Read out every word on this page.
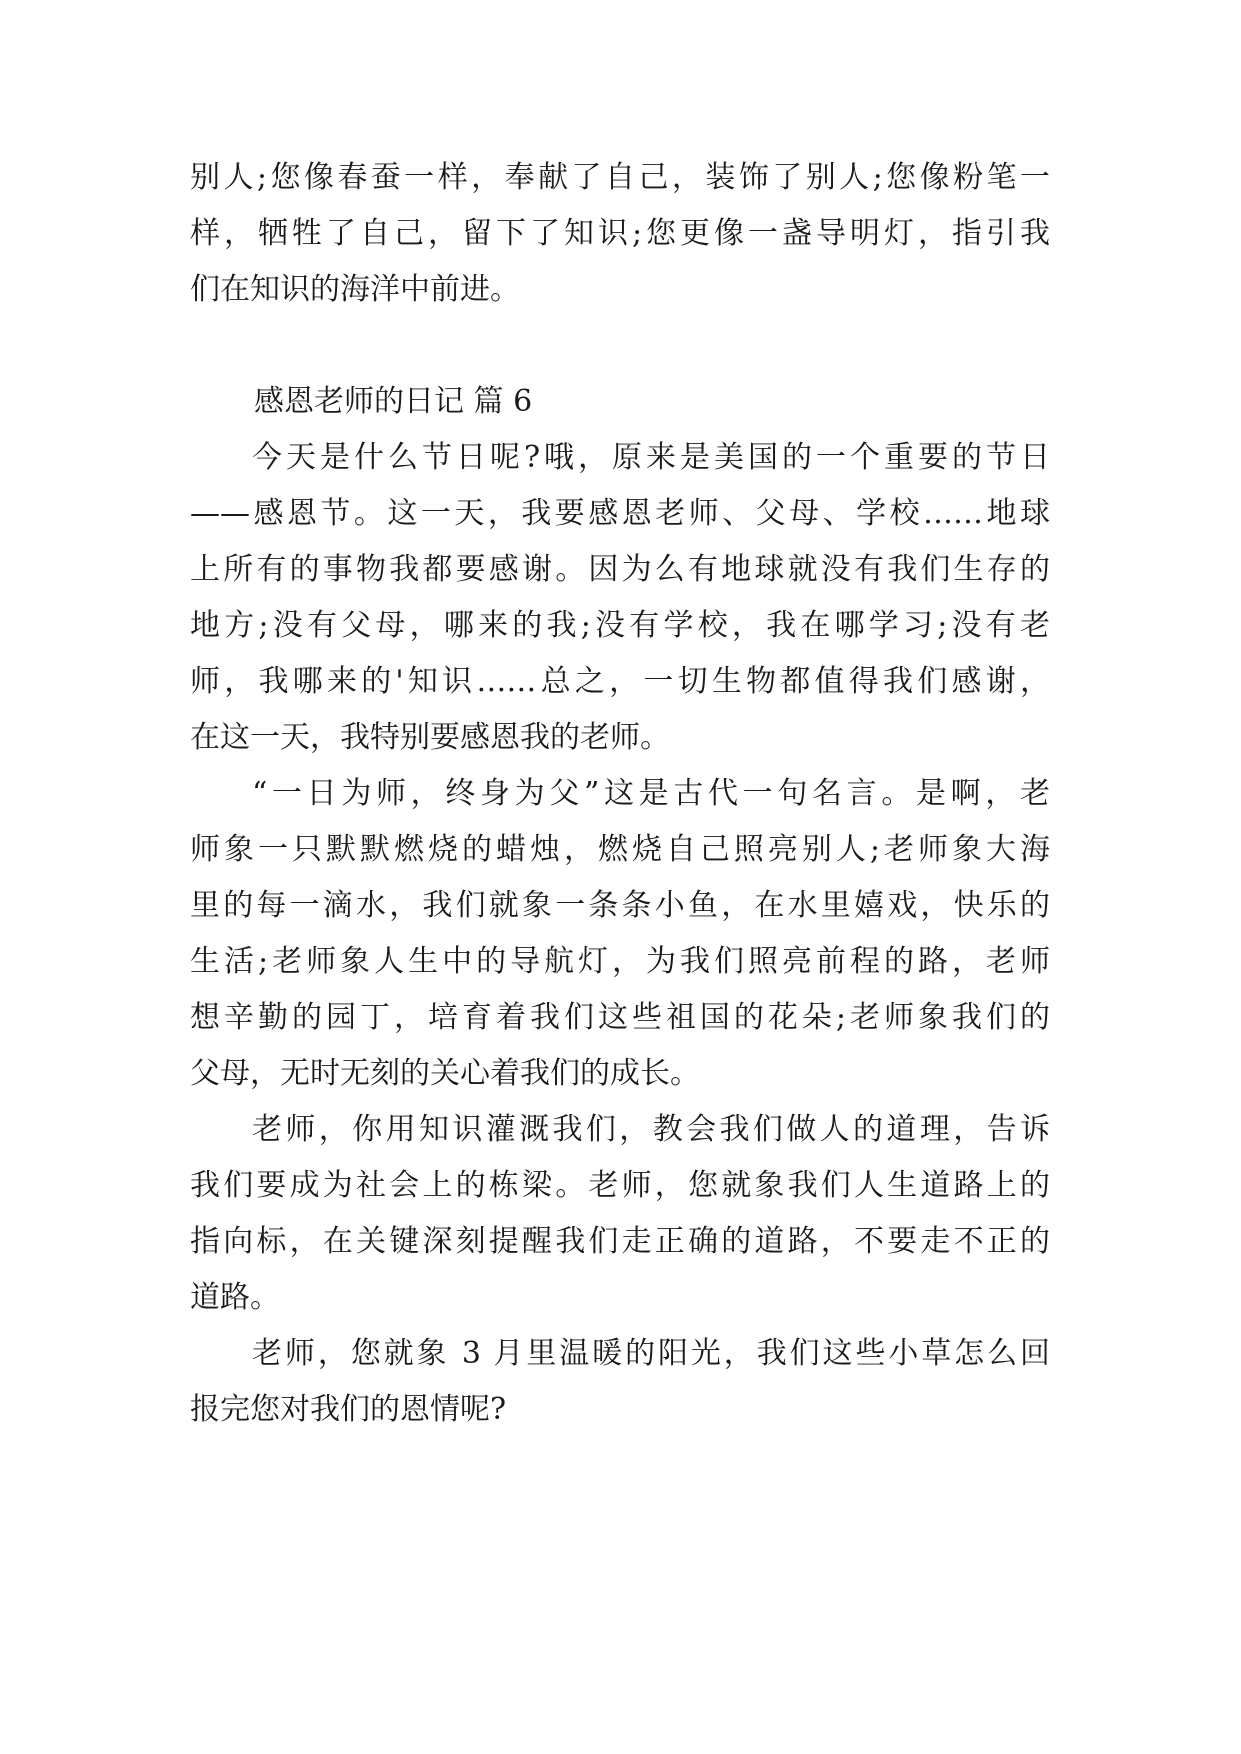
别人;您像春蚕一样，奉献了自己，装饰了别人;您像粉笔一
样，牺牲了自己，留下了知识;您更像一盏导明灯，指引我
们在知识的海洋中前进。
感恩老师的日记 篇 6
今天是什么节日呢?哦，原来是美国的一个重要的节日
——感恩节。这一天，我要感恩老师、父母、学校……地球
上所有的事物我都要感谢。因为么有地球就没有我们生存的
地方;没有父母，哪来的我;没有学校，我在哪学习;没有老
师，我哪来的'知识……总之，一切生物都值得我们感谢，
在这一天，我特别要感恩我的老师。
“一日为师，终身为父”这是古代一句名言。是啊，老
师象一只默默燃烧的蜡烛，燃烧自己照亮别人;老师象大海
里的每一滴水，我们就象一条条小鱼，在水里嬉戏，快乐的
生活;老师象人生中的导航灯，为我们照亮前程的路，老师
想辛勤的园丁，培育着我们这些祖国的花朵;老师象我们的
父母，无时无刻的关心着我们的成长。
老师，你用知识灌溉我们，教会我们做人的道理，告诉
我们要成为社会上的栋梁。老师，您就象我们人生道路上的
指向标，在关键深刻提醒我们走正确的道路，不要走不正的
道路。
老师，您就象 3 月里温暖的阳光，我们这些小草怎么回
报完您对我们的恩情呢?
